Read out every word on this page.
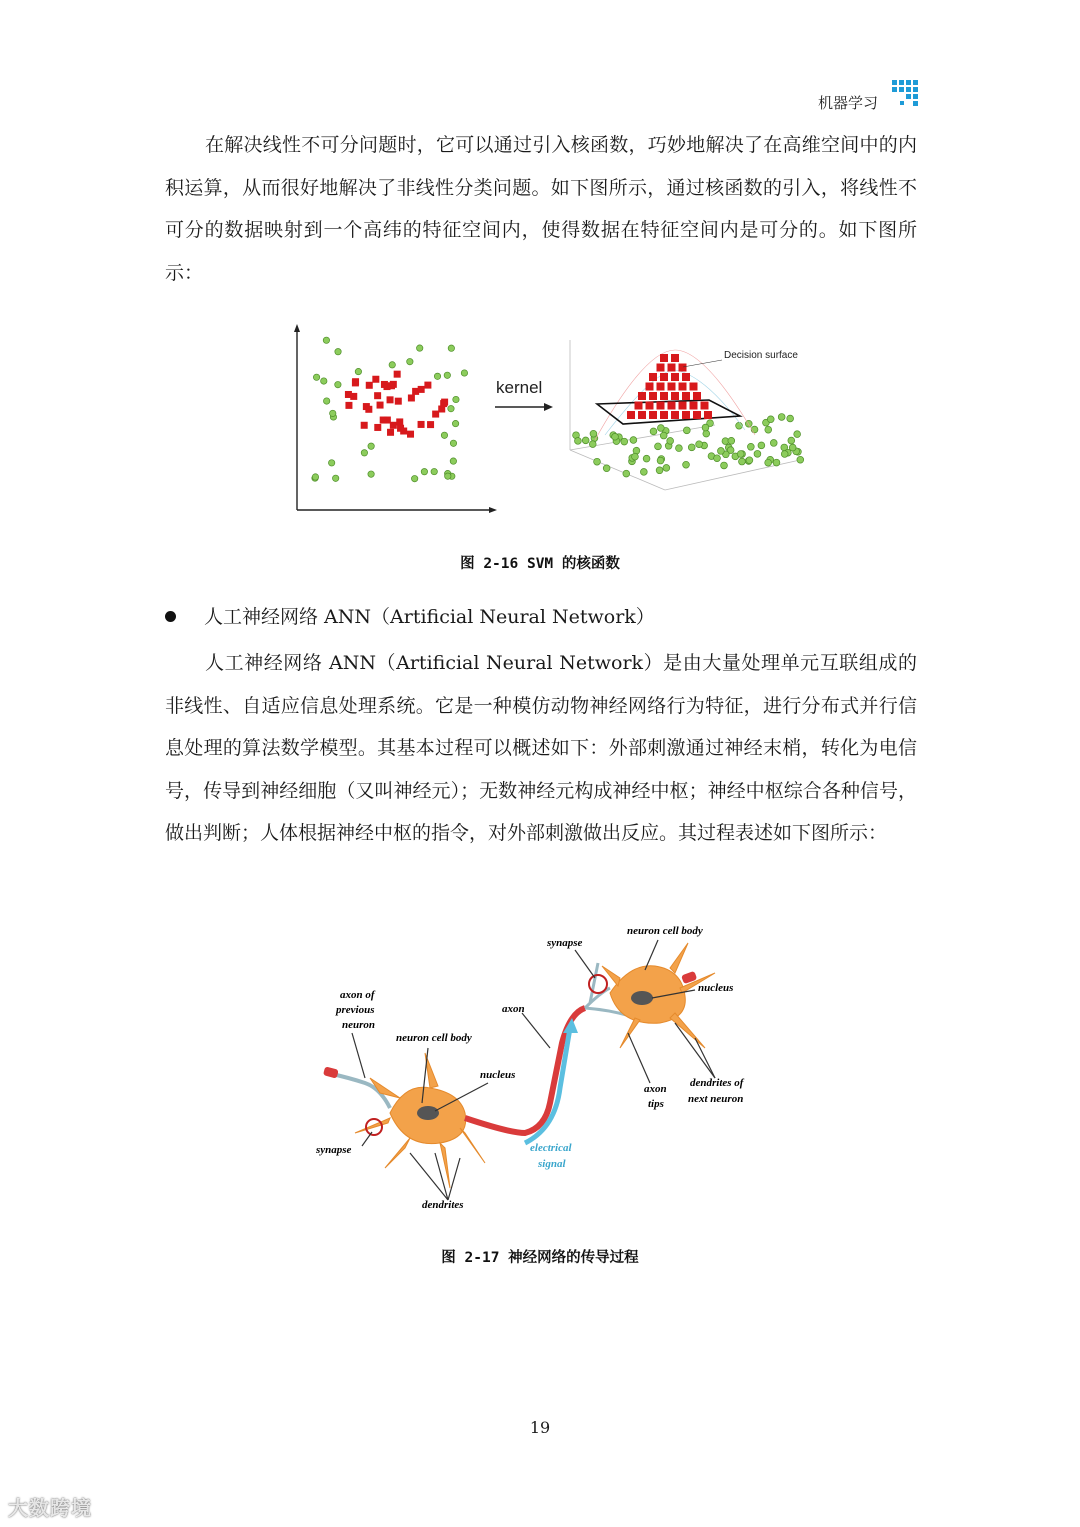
机器学习

在解决线性不可分问题时，它可以通过引入核函数，巧妙地解决了在高维空间中的内积运算，从而很好地解决了非线性分类问题。如下图所示，通过核函数的引入，将线性不可分的数据映射到一个高纬的特征空间内，使得数据在特征空间内是可分的。如下图所示：

kernel
Decision surface
图 2-16 SVM 的核函数
人工神经网络 ANN（Artificial Neural Network）

人工神经网络 ANN（Artificial Neural Network）是由大量处理单元互联组成的非线性、自适应信息处理系统。它是一种模仿动物神经网络行为特征，进行分布式并行信息处理的算法数学模型。其基本过程可以概述如下：外部刺激通过神经末梢，转化为电信号，传导到神经细胞（又叫神经元）；无数神经元构成神经中枢；神经中枢综合各种信号，做出判断；人体根据神经中枢的指令，对外部刺激做出反应。其过程表述如下图所示：

synapse
neuron cell body
nucleus
axon of
previous
neuron
neuron cell body
nucleus
axon
axon
tips
dendrites of
next neuron
synapse	electrical
signal
dendrites
图 2-17 神经网络的传导过程
19
大数跨境
